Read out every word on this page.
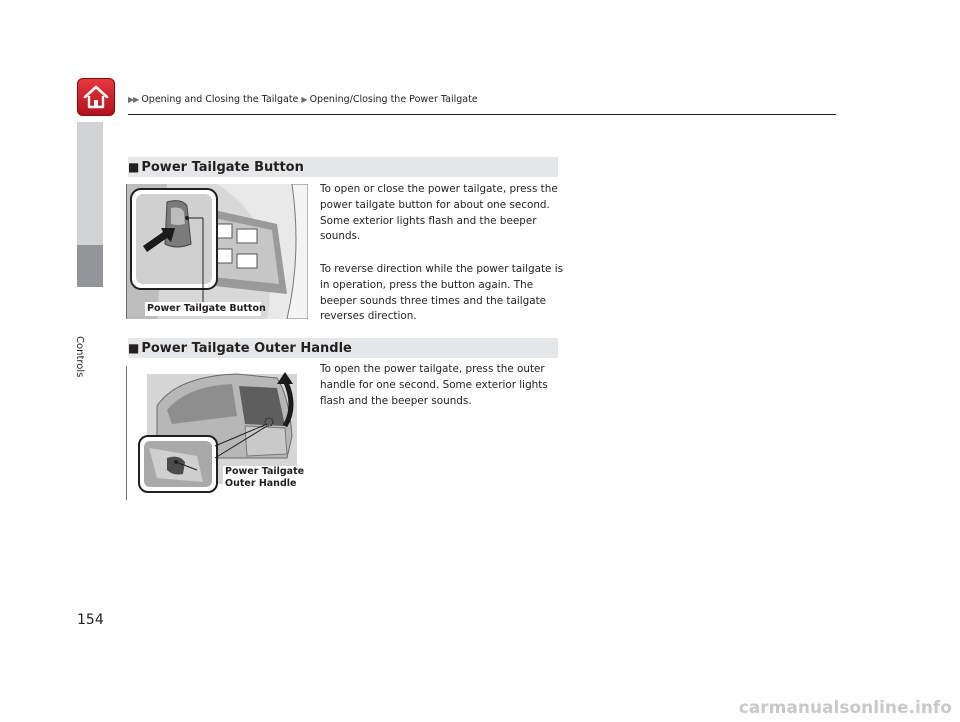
▶▶ Opening and Closing the Tailgate ▶ Opening/Closing the Power Tailgate
Controls
154
■ Power Tailgate Button
Power Tailgate Button

To open or close the power tailgate, press the power tailgate button for about one second. Some exterior lights flash and the beeper sounds.

To reverse direction while the power tailgate is in operation, press the button again. The beeper sounds three times and the tailgate reverses direction.

■ Power Tailgate Outer Handle
Power Tailgate
Outer Handle

To open the power tailgate, press the outer handle for one second. Some exterior lights flash and the beeper sounds.

carmanualsonline.info
